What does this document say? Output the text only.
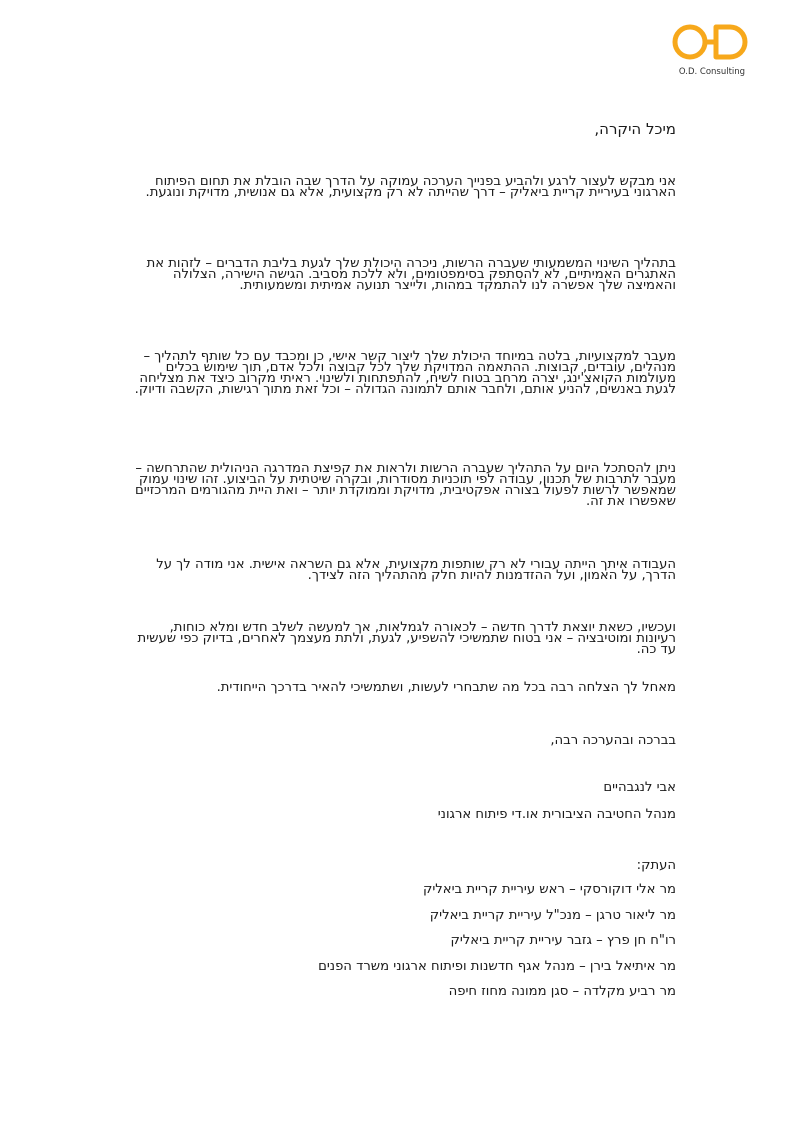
O.D. Consulting
מיכל היקרה,
אני מבקש לעצור לרגע ולהביע בפנייך הערכה עמוקה על הדרך שבה הובלת את תחום הפיתוח הארגוני בעיריית קריית ביאליק – דרך שהייתה לא רק מקצועית, אלא גם אנושית, מדויקת ונוגעת.
בתהליך השינוי המשמעותי שעברה הרשות, ניכרה היכולת שלך לגעת בליבת הדברים – לזהות את האתגרים האמיתיים, לא להסתפק בסימפטומים, ולא ללכת מסביב. הגישה הישירה, הצלולה והאמיצה שלך אפשרה לנו להתמקד במהות, ולייצר תנועה אמיתית ומשמעותית.
מעבר למקצועיות, בלטה במיוחד היכולת שלך ליצור קשר אישי, כן ומכבד עם כל שותף לתהליך – מנהלים, עובדים, קבוצות. ההתאמה המדויקת שלך לכל קבוצה ולכל אדם, תוך שימוש בכלים מעולמות הקואצ'ינג, יצרה מרחב בטוח לשיח, להתפתחות ולשינוי. ראיתי מקרוב כיצד את מצליחה לגעת באנשים, להניע אותם, ולחבר אותם לתמונה הגדולה – וכל זאת מתוך רגישות, הקשבה ודיוק.
ניתן להסתכל היום על התהליך שעברה הרשות ולראות את קפיצת המדרגה הניהולית שהתרחשה – מעבר לתרבות של תכנון, עבודה לפי תוכניות מסודרות, ובקרה שיטתית על הביצוע. זהו שינוי עמוק שמאפשר לרשות לפעול בצורה אפקטיבית, מדויקת וממוקדת יותר – ואת היית מהגורמים המרכזיים שאפשרו את זה.
העבודה איתך הייתה עבורי לא רק שותפות מקצועית, אלא גם השראה אישית. אני מודה לך על הדרך, על האמון, ועל ההזדמנות להיות חלק מהתהליך הזה לצידך.
ועכשיו, כשאת יוצאת לדרך חדשה – לכאורה לגמלאות, אך למעשה לשלב חדש ומלא כוחות, רעיונות ומוטיבציה – אני בטוח שתמשיכי להשפיע, לגעת, ולתת מעצמך לאחרים, בדיוק כפי שעשית עד כה.
מאחל לך הצלחה רבה בכל מה שתבחרי לעשות, ושתמשיכי להאיר בדרכך הייחודית.
בברכה ובהערכה רבה,
אבי לנגבהיים
מנהל החטיבה הציבורית או.די פיתוח ארגוני
העתק:
מר אלי דוקורסקי – ראש עיריית קריית ביאליק
מר ליאור טרגן – מנכ"ל עיריית קריית ביאליק
רו"ח חן פרץ – גזבר עיריית קריית ביאליק
מר איתיאל בירן – מנהל אגף חדשנות ופיתוח ארגוני משרד הפנים
מר רביע מקלדה – סגן ממונה מחוז חיפה
